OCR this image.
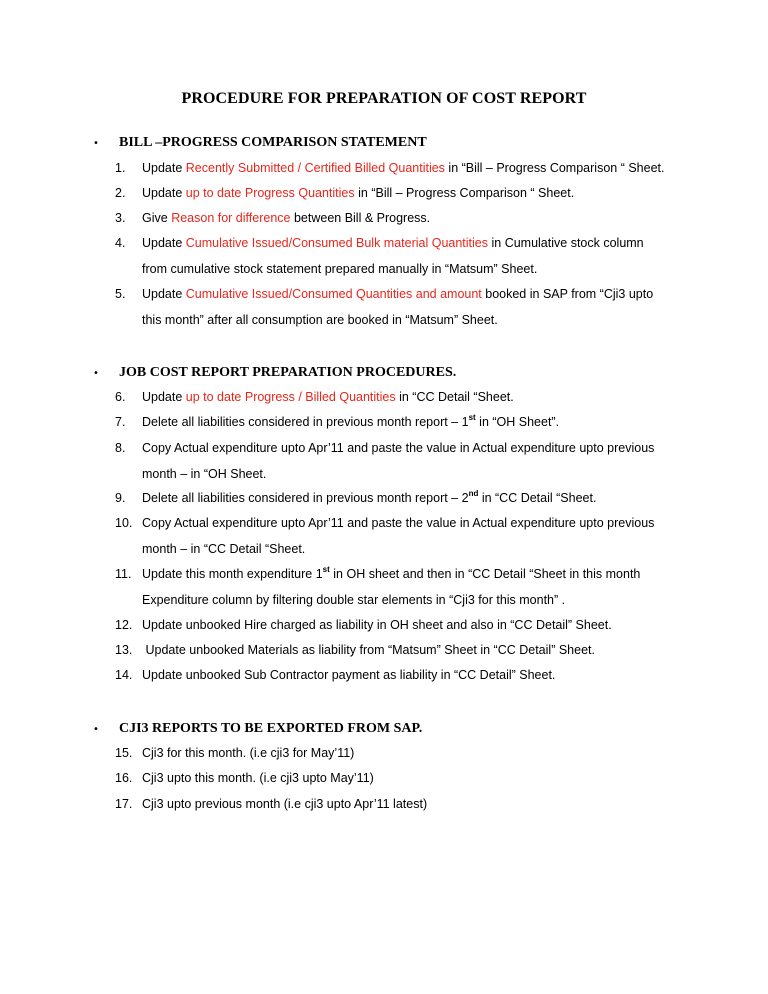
PROCEDURE FOR PREPARATION OF COST REPORT
• BILL –PROGRESS COMPARISON STATEMENT
1.	Update Recently Submitted / Certified Billed Quantities in “Bill – Progress Comparison “ Sheet.
2.	Update up to date Progress Quantities in “Bill – Progress Comparison “ Sheet.
3.	Give Reason for difference between Bill & Progress.
4.	Update Cumulative Issued/Consumed Bulk material Quantities in Cumulative stock column
from cumulative stock statement prepared manually in “Matsum” Sheet.
5.	Update Cumulative Issued/Consumed Quantities and amount booked in SAP from “Cji3 upto
this month” after all consumption are booked in “Matsum” Sheet.
• JOB COST REPORT PREPARATION PROCEDURES.
6.	Update up to date Progress / Billed Quantities in “CC Detail “Sheet.
7.	Delete all liabilities considered in previous month report – 1st in “OH Sheet”.
8.	Copy Actual expenditure upto Apr’11 and paste the value in Actual expenditure upto previous
month – in “OH Sheet.
9.	Delete all liabilities considered in previous month report – 2nd in “CC Detail “Sheet.
10. Copy Actual expenditure upto Apr’11 and paste the value in Actual expenditure upto previous
month – in “CC Detail “Sheet.
11. Update this month expenditure 1st in OH sheet and then in “CC Detail “Sheet in this month
Expenditure column by filtering double star elements in “Cji3 for this month” .
12. Update unbooked Hire charged as liability in OH sheet and also in “CC Detail” Sheet.
13. Update unbooked Materials as liability from “Matsum” Sheet in “CC Detail” Sheet.
14. Update unbooked Sub Contractor payment as liability in “CC Detail” Sheet.
• CJI3 REPORTS TO BE EXPORTED FROM SAP.
15. Cji3 for this month. (i.e cji3 for May’11)
16. Cji3 upto this month. (i.e cji3 upto May’11)
17. Cji3 upto previous month (i.e cji3 upto Apr’11 latest)
